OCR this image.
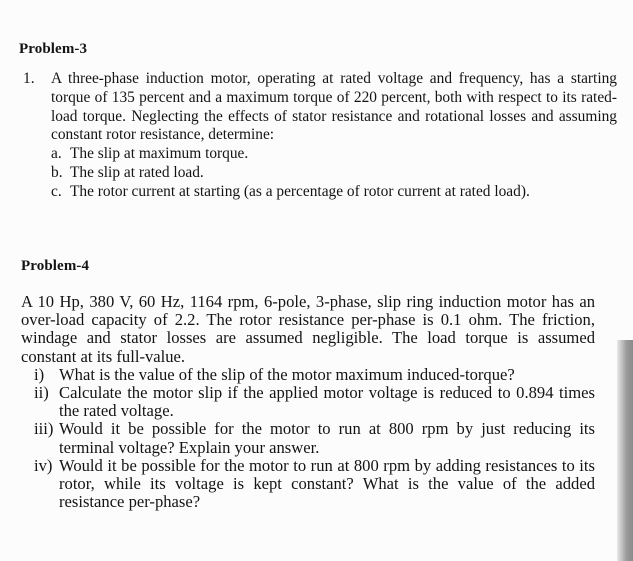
Problem-3
1.	A three-phase induction motor, operating at rated voltage and frequency, has a starting torque of 135 percent and a maximum torque of 220 percent, both with respect to its rated-load torque. Neglecting the effects of stator resistance and rotational losses and assuming constant rotor resistance, determine:
a. The slip at maximum torque.
b. The slip at rated load.
c. The rotor current at starting (as a percentage of rotor current at rated load).
Problem-4
A 10 Hp, 380 V, 60 Hz, 1164 rpm, 6-pole, 3-phase, slip ring induction motor has an over-load capacity of 2.2. The rotor resistance per-phase is 0.1 ohm. The friction, windage and stator losses are assumed negligible. The load torque is assumed constant at its full-value.
i) What is the value of the slip of the motor maximum induced-torque?
ii) Calculate the motor slip if the applied motor voltage is reduced to 0.894 times the rated voltage.
iii) Would it be possible for the motor to run at 800 rpm by just reducing its terminal voltage? Explain your answer.
iv) Would it be possible for the motor to run at 800 rpm by adding resistances to its rotor, while its voltage is kept constant? What is the value of the added resistance per-phase?
